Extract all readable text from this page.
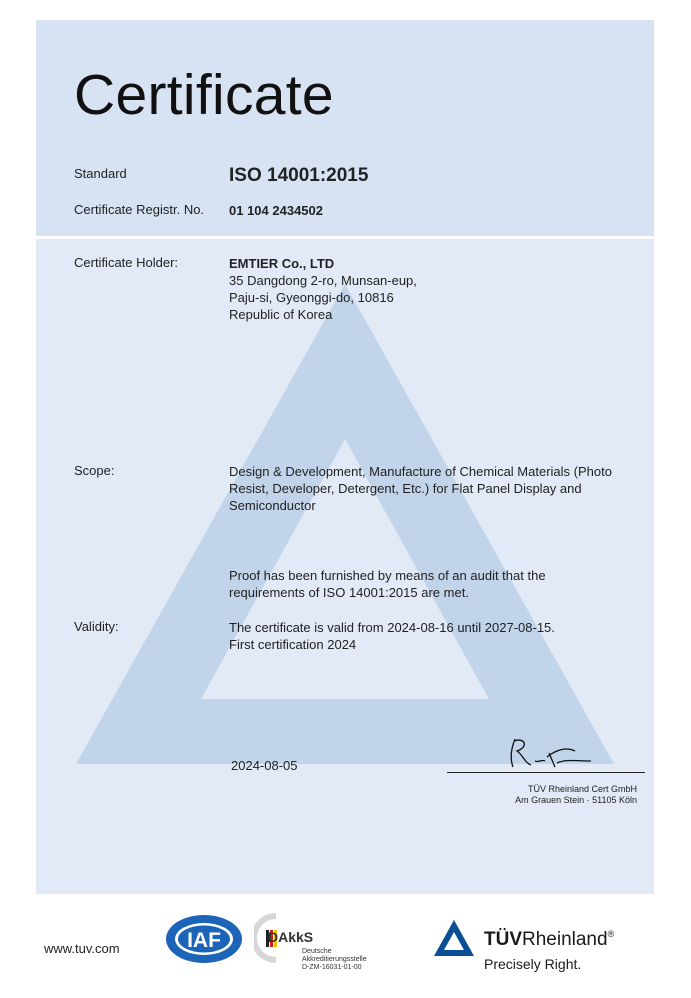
Certificate
Standard	ISO 14001:2015
Certificate Registr. No. 01 104 2434502
Certificate Holder:	EMTIER Co., LTD
35 Dangdong 2-ro, Munsan-eup,
Paju-si, Gyeonggi-do, 10816
Republic of Korea
Scope:	Design & Development, Manufacture of Chemical Materials (Photo
Resist, Developer, Detergent, Etc.) for Flat Panel Display and
Semiconductor
Proof has been furnished by means of an audit that the
requirements of ISO 14001:2015 are met.
Validity:	The certificate is valid from 2024-08-16 until 2027-08-15.
First certification 2024
2024-08-05
TÜV Rheinland Cert GmbH
Am Grauen Stein · 51105 Köln
www.tuv.com	IAF	DAkkS
Deutsche
Akkreditierungsstelle
D-ZM-16031-01-00
TÜVRheinland®
Precisely Right.
